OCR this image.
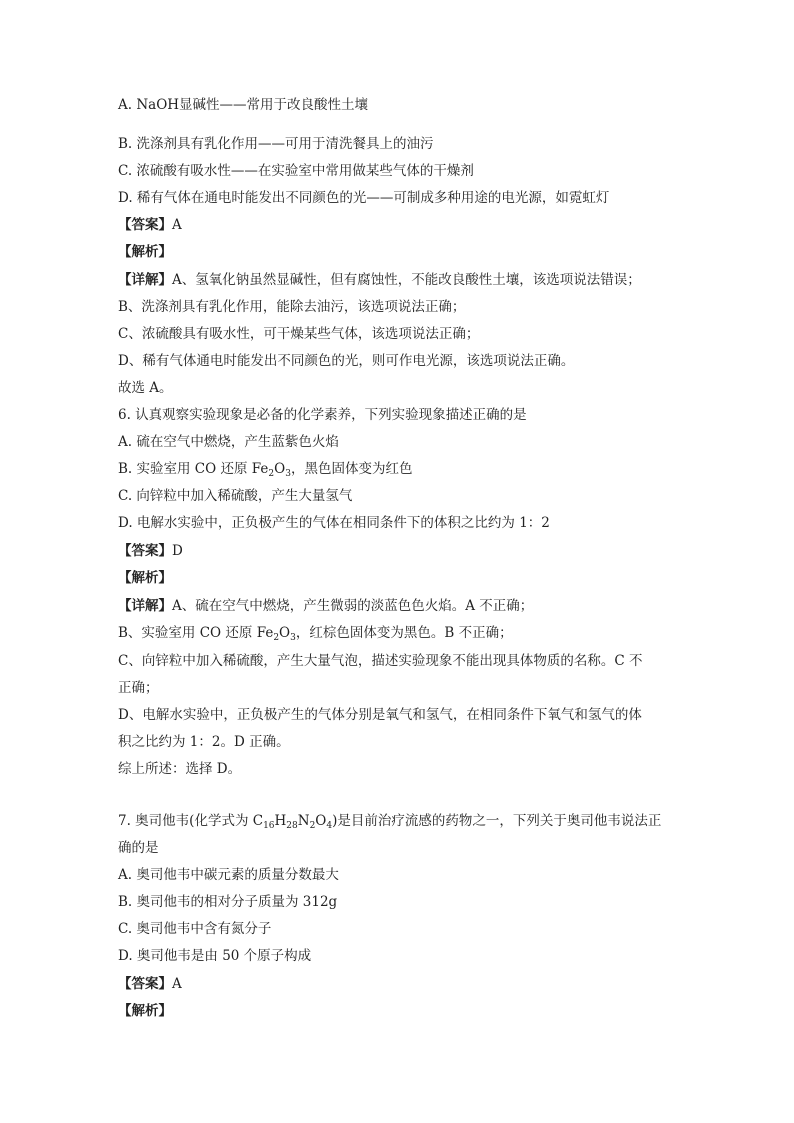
A. NaOH显碱性——常用于改良酸性土壤
B. 洗涤剂具有乳化作用——可用于清洗餐具上的油污
C. 浓硫酸有吸水性——在实验室中常用做某些气体的干燥剂
D. 稀有气体在通电时能发出不同颜色的光——可制成多种用途的电光源，如霓虹灯
【答案】A
【解析】
【详解】A、氢氧化钠虽然显碱性，但有腐蚀性，不能改良酸性土壤，该选项说法错误；
B、洗涤剂具有乳化作用，能除去油污，该选项说法正确；
C、浓硫酸具有吸水性，可干燥某些气体，该选项说法正确；
D、稀有气体通电时能发出不同颜色的光，则可作电光源，该选项说法正确。
故选 A。
6. 认真观察实验现象是必备的化学素养，下列实验现象描述正确的是
A. 硫在空气中燃烧，产生蓝紫色火焰
B. 实验室用 CO 还原 $Fe_2O_3$，黑色固体变为红色
C. 向锌粒中加入稀硫酸，产生大量氢气
D. 电解水实验中，正负极产生的气体在相同条件下的体积之比约为 1：2
【答案】D
【解析】
【详解】A、硫在空气中燃烧，产生微弱的淡蓝色色火焰。A 不正确；
B、实验室用 CO 还原 $Fe_2O_3$，红棕色固体变为黑色。B 不正确；
C、向锌粒中加入稀硫酸，产生大量气泡，描述实验现象不能出现具体物质的名称。C 不
正确；
D、电解水实验中，正负极产生的气体分别是氧气和氢气，在相同条件下氧气和氢气的体
积之比约为 1：2。D 正确。
综上所述：选择 D。
7. 奥司他韦(化学式为 $C_{16}H_{28}N_2O_4$)是目前治疗流感的药物之一，下列关于奥司他韦说法正
确的是
A. 奥司他韦中碳元素的质量分数最大
B. 奥司他韦的相对分子质量为 312g
C. 奥司他韦中含有氮分子
D. 奥司他韦是由 50 个原子构成
【答案】A
【解析】
